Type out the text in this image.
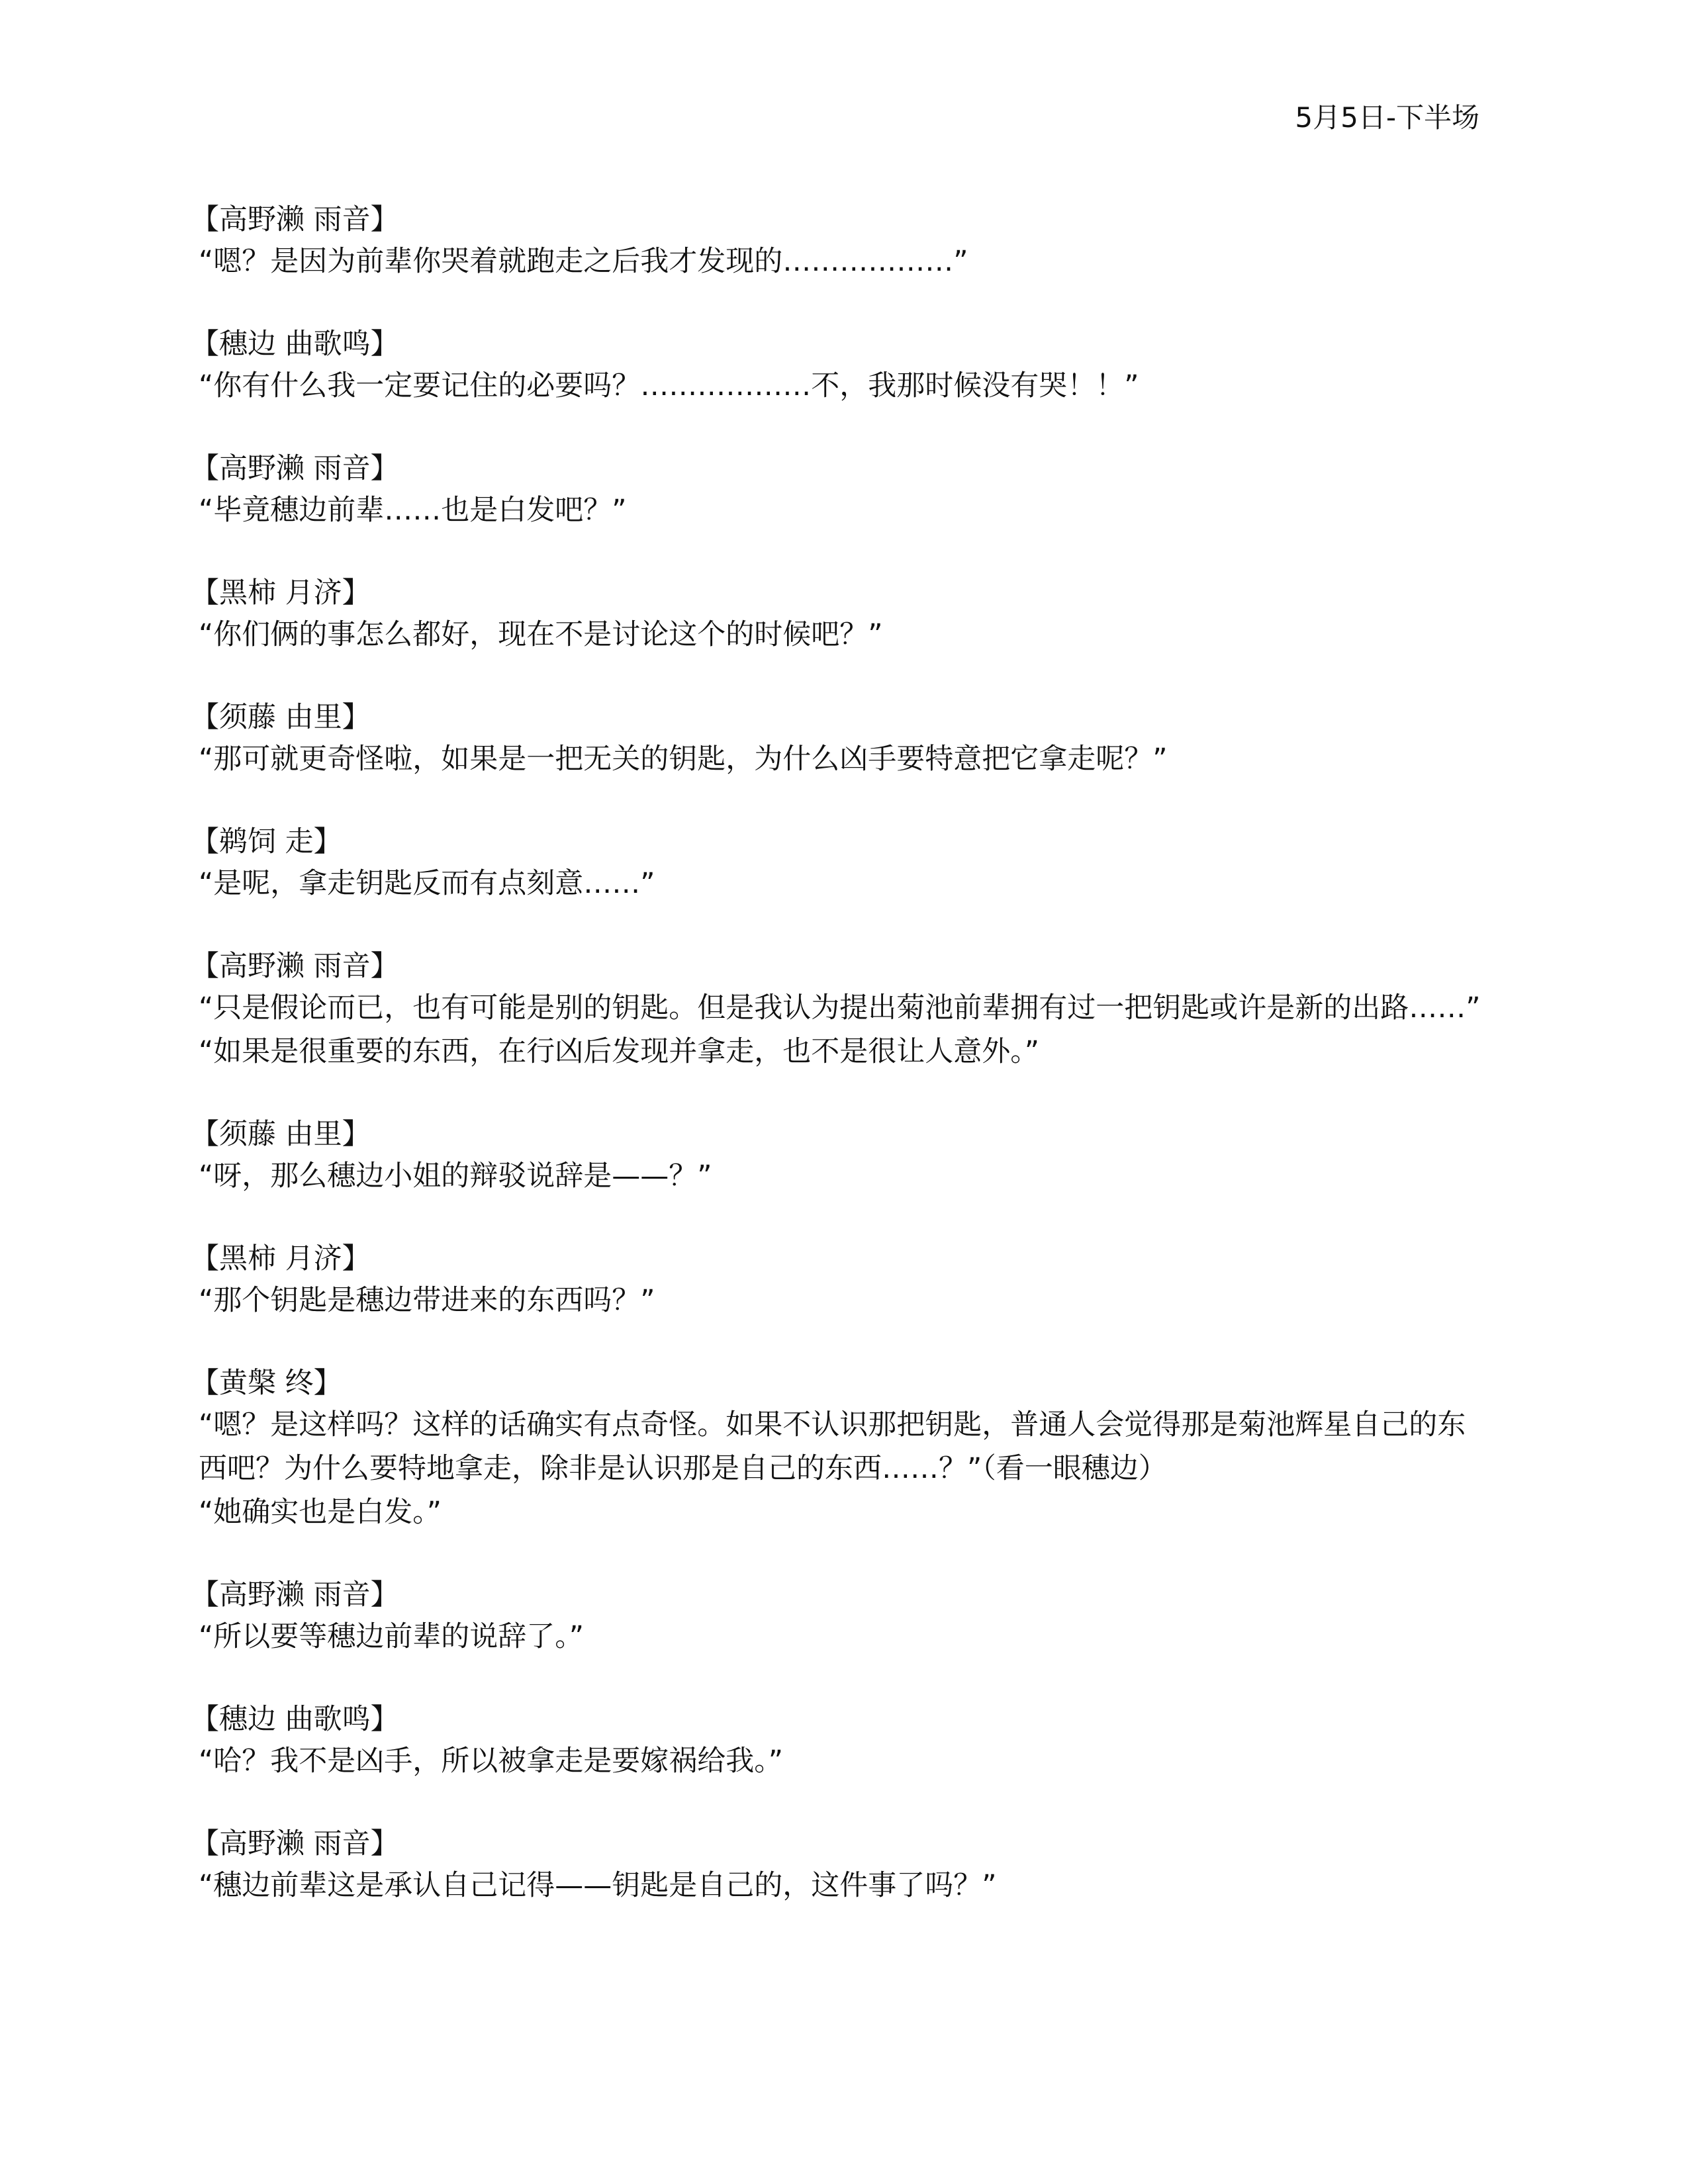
5月5日-下半场
【高野濑 雨音】
“嗯？是因为前辈你哭着就跑走之后我才发现的………………”
【穗边 曲歌鸣】
“你有什么我一定要记住的必要吗？………………不，我那时候没有哭！！”
【高野濑 雨音】
“毕竟穗边前辈……也是白发吧？”
【黑柿 月济】
“你们俩的事怎么都好，现在不是讨论这个的时候吧？”
【须藤 由里】
“那可就更奇怪啦，如果是一把无关的钥匙，为什么凶手要特意把它拿走呢？”
【鹈饲 走】
“是呢，拿走钥匙反而有点刻意……”
【高野濑 雨音】
“只是假论而已，也有可能是别的钥匙。但是我认为提出菊池前辈拥有过一把钥匙或许是新的出路……”
“如果是很重要的东西，在行凶后发现并拿走，也不是很让人意外。”
【须藤 由里】
“呀，那么穗边小姐的辩驳说辞是——？”
【黑柿 月济】
“那个钥匙是穗边带进来的东西吗？”
【黄槃 终】
“嗯？是这样吗？这样的话确实有点奇怪。如果不认识那把钥匙，普通人会觉得那是菊池辉星自己的东西吧？为什么要特地拿走，除非是认识那是自己的东西……？”（看一眼穗边）
“她确实也是白发。”
【高野濑 雨音】
“所以要等穗边前辈的说辞了。”
【穗边 曲歌鸣】
“哈？我不是凶手，所以被拿走是要嫁祸给我。”
【高野濑 雨音】
“穗边前辈这是承认自己记得——钥匙是自己的，这件事了吗？”
